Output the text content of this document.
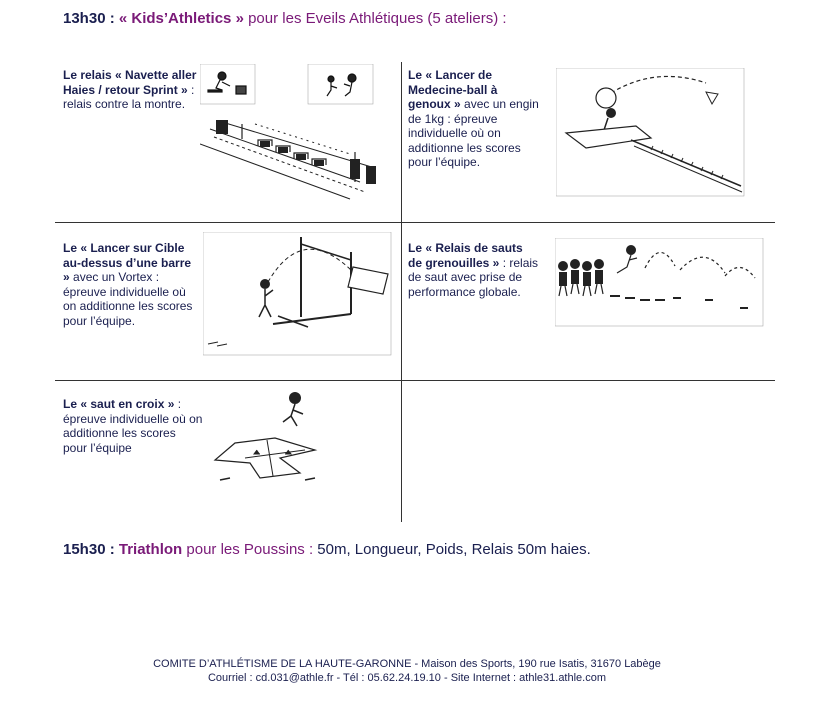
13h30 : « Kids’Athletics » pour les Eveils Athlétiques (5 ateliers) :
Le relais « Navette aller Haies / retour Sprint » : relais contre la montre.
Le « Lancer de Medecine-ball à genoux » avec un engin de 1kg : épreuve individuelle où on additionne les scores pour l’équipe.
Le « Lancer sur Cible au-dessus d’une barre » avec un Vortex : épreuve individuelle où on additionne les scores pour l’équipe.
Le « Relais de sauts de grenouilles » : relais de saut avec prise de performance globale.
Le « saut en croix » : épreuve individuelle où on additionne les scores pour l’équipe
15h30 : Triathlon pour les Poussins : 50m, Longueur, Poids, Relais 50m haies.
COMITE D’ATHLÉTISME DE LA HAUTE-GARONNE - Maison des Sports, 190 rue Isatis, 31670 Labège
Courriel : cd.031@athle.fr - Tél : 05.62.24.19.10 - Site Internet : athle31.athle.com
